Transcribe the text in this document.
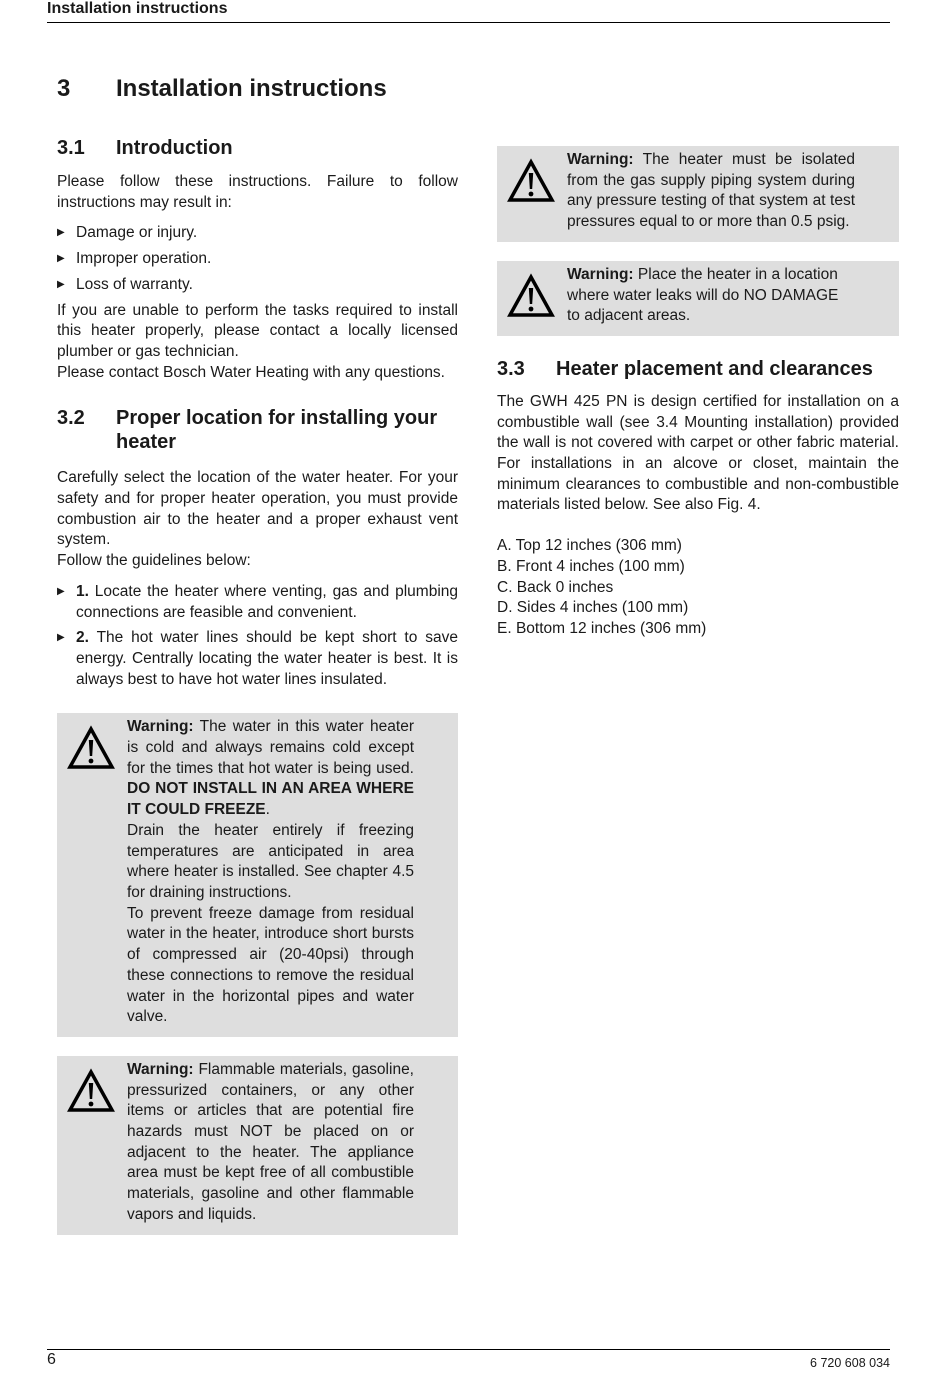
Installation instructions
3 Installation instructions
3.1	Introduction

Please follow these instructions. Failure to follow instructions may result in:

▶ Damage or injury.
▶ Improper operation.
▶ Loss of warranty.

If you are unable to perform the tasks required to install this heater properly, please contact a locally licensed plumber or gas technician.

Please contact Bosch Water Heating with any questions.

3.2	Proper location for installing your heater

Carefully select the location of the water heater. For your safety and for proper heater operation, you must provide combustion air to the heater and a proper exhaust vent system.

Follow the guidelines below:

▶ 1. Locate the heater where venting, gas and plumbing connections are feasible and convenient.
▶ 2. The hot water lines should be kept short to save energy. Centrally locating the water heater is best. It is always best to have hot water lines insulated.

Warning: The water in this water heater is cold and always remains cold except for the times that hot water is being used. DO NOT INSTALL IN AN AREA WHERE IT COULD FREEZE.

Drain the heater entirely if freezing temperatures are anticipated in area where heater is installed. See chapter 4.5 for draining instructions.

To prevent freeze damage from residual water in the heater, introduce short bursts of compressed air (20-40psi) through these connections to remove the residual water in the horizontal pipes and water valve.

Warning: Flammable materials, gasoline, pressurized containers, or any other items or articles that are potential fire hazards must NOT be placed on or adjacent to the heater. The appliance area must be kept free of all combustible materials, gasoline and other flammable vapors and liquids.

Warning: The heater must be isolated from the gas supply piping system during any pressure testing of that system at test pressures equal to or more than 0.5 psig.

Warning: Place the heater in a location where water leaks will do NO DAMAGE to adjacent areas.

3.3	Heater placement and clearances

The GWH 425 PN is design certified for installation on a combustible wall (see 3.4 Mounting installation) provided the wall is not covered with carpet or other fabric material. For installations in an alcove or closet, maintain the minimum clearances to combustible and non-combustible materials listed below. See also Fig. 4.

A. Top 12 inches (306 mm)

B. Front 4 inches (100 mm)

C. Back 0 inches

D. Sides 4 inches (100 mm)

E. Bottom 12 inches (306 mm)

6	6 720 608 034
